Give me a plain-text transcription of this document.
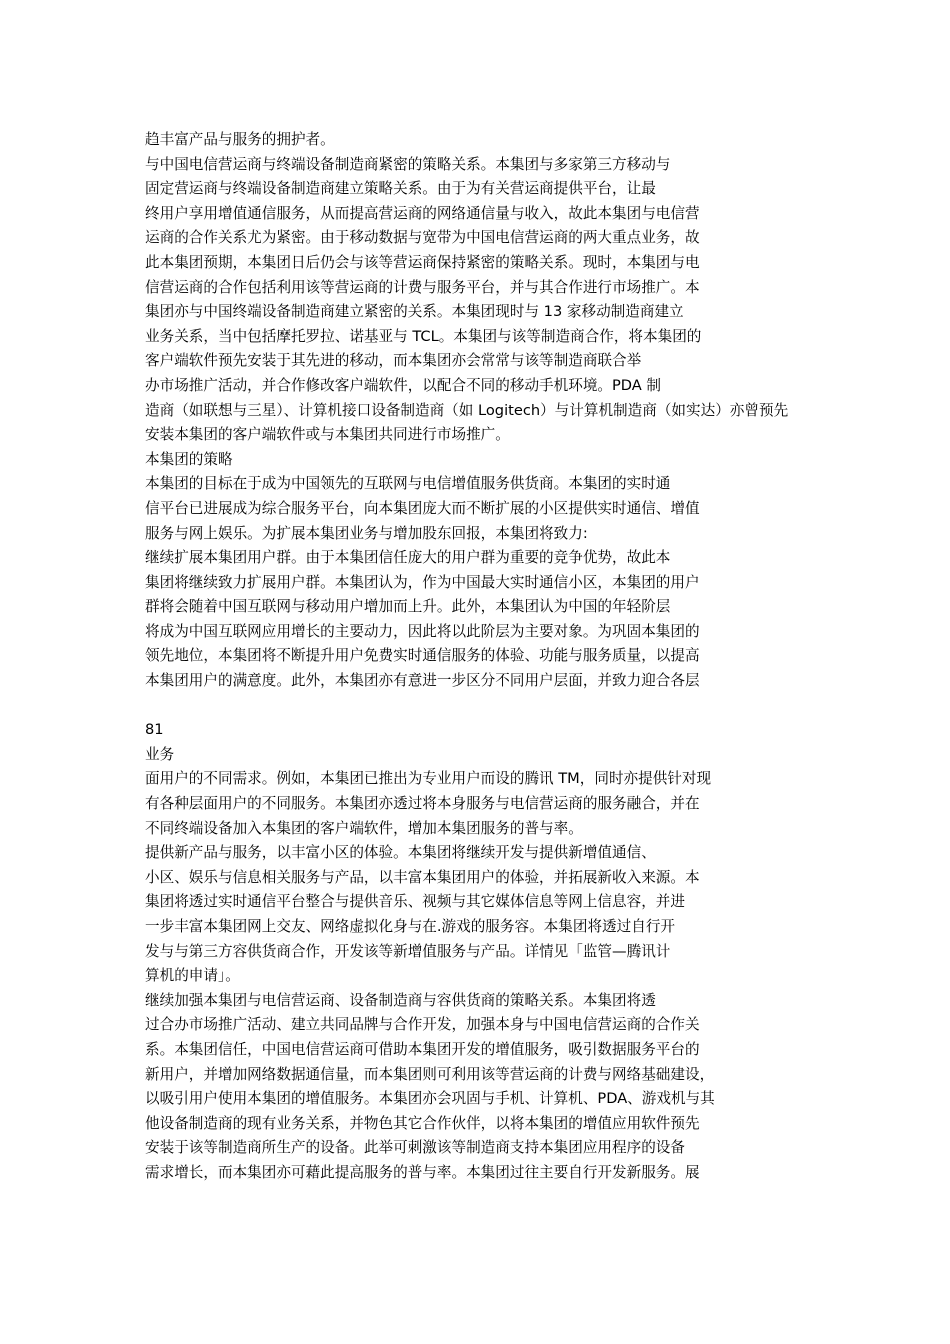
趋丰富产品与服务的拥护者。
与中国电信营运商与终端设备制造商紧密的策略关系。本集团与多家第三方移动与
固定营运商与终端设备制造商建立策略关系。由于为有关营运商提供平台，让最
终用户享用增值通信服务，从而提高营运商的网络通信量与收入，故此本集团与电信营
运商的合作关系尤为紧密。由于移动数据与宽带为中国电信营运商的两大重点业务，故
此本集团预期，本集团日后仍会与该等营运商保持紧密的策略关系。现时，本集团与电
信营运商的合作包括利用该等营运商的计费与服务平台，并与其合作进行市场推广。本
集团亦与中国终端设备制造商建立紧密的关系。本集团现时与 13 家移动制造商建立
业务关系，当中包括摩托罗拉、诺基亚与 TCL。本集团与该等制造商合作，将本集团的
客户端软件预先安装于其先进的移动，而本集团亦会常常与该等制造商联合举
办市场推广活动，并合作修改客户端软件，以配合不同的移动手机环境。PDA 制
造商（如联想与三星）、计算机接口设备制造商（如 Logitech）与计算机制造商（如实达）亦曾预先
安装本集团的客户端软件或与本集团共同进行市场推广。
本集团的策略
本集团的目标在于成为中国领先的互联网与电信增值服务供货商。本集团的实时通
信平台已进展成为综合服务平台，向本集团庞大而不断扩展的小区提供实时通信、增值
服务与网上娱乐。为扩展本集团业务与增加股东回报，本集团将致力:
继续扩展本集团用户群。由于本集团信任庞大的用户群为重要的竞争优势，故此本
集团将继续致力扩展用户群。本集团认为，作为中国最大实时通信小区，本集团的用户
群将会随着中国互联网与移动用户增加而上升。此外，本集团认为中国的年轻阶层
将成为中国互联网应用增长的主要动力，因此将以此阶层为主要对象。为巩固本集团的
领先地位，本集团将不断提升用户免费实时通信服务的体验、功能与服务质量，以提高
本集团用户的满意度。此外，本集团亦有意进一步区分不同用户层面，并致力迎合各层
81
业务
面用户的不同需求。例如，本集团已推出为专业用户而设的腾讯 TM，同时亦提供针对现
有各种层面用户的不同服务。本集团亦透过将本身服务与电信营运商的服务融合，并在
不同终端设备加入本集团的客户端软件，增加本集团服务的普与率。
提供新产品与服务，以丰富小区的体验。本集团将继续开发与提供新增值通信、
小区、娱乐与信息相关服务与产品，以丰富本集团用户的体验，并拓展新收入来源。本
集团将透过实时通信平台整合与提供音乐、视频与其它媒体信息等网上信息容，并进
一步丰富本集团网上交友、网络虚拟化身与在.游戏的服务容。本集团将透过自行开
发与与第三方容供货商合作，开发该等新增值服务与产品。详情见「监管—腾讯计
算机的申请」。
继续加强本集团与电信营运商、设备制造商与容供货商的策略关系。本集团将透
过合办市场推广活动、建立共同品牌与合作开发，加强本身与中国电信营运商的合作关
系。本集团信任，中国电信营运商可借助本集团开发的增值服务，吸引数据服务平台的
新用户，并增加网络数据通信量，而本集团则可利用该等营运商的计费与网络基础建设，
以吸引用户使用本集团的增值服务。本集团亦会巩固与手机、计算机、PDA、游戏机与其
他设备制造商的现有业务关系，并物色其它合作伙伴，以将本集团的增值应用软件预先
安装于该等制造商所生产的设备。此举可刺激该等制造商支持本集团应用程序的设备
需求增长，而本集团亦可藉此提高服务的普与率。本集团过往主要自行开发新服务。展
